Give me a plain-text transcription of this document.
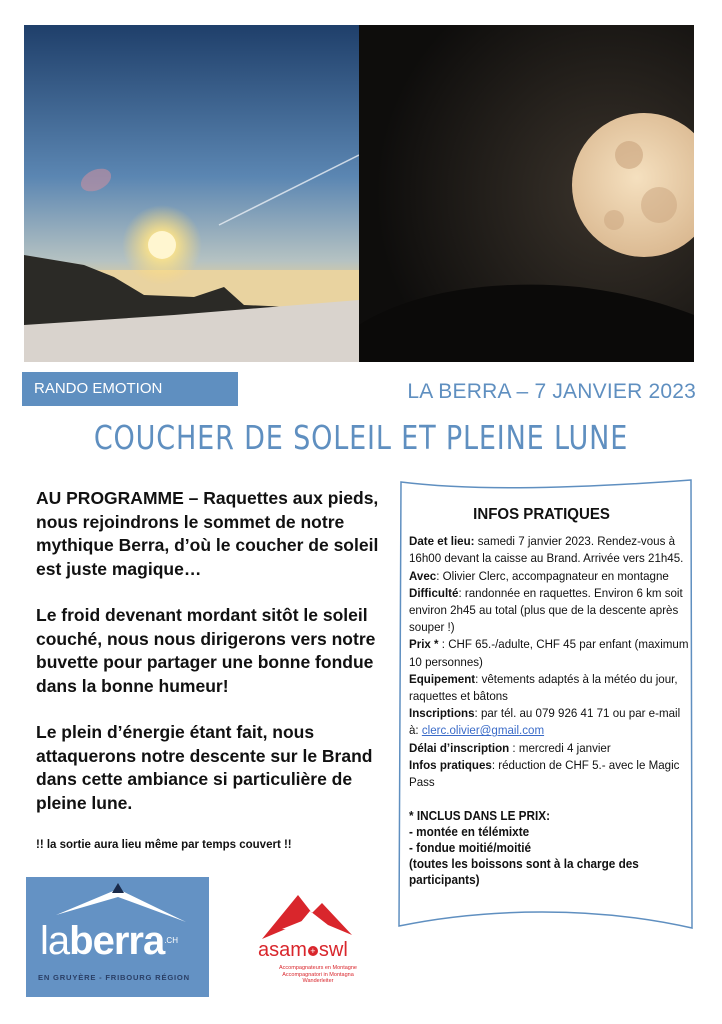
RANDO EMOTION	LA BERRA – 7 JANVIER 2023
COUCHER DE SOLEIL ET PLEINE LUNE

AU PROGRAMME – Raquettes aux pieds, nous rejoindrons le sommet de notre mythique Berra, d’où le coucher de soleil est juste magique…

Le froid devenant mordant sitôt le soleil couché, nous nous dirigerons vers notre buvette pour partager une bonne fondue dans la bonne humeur!

Le plein d’énergie étant fait, nous attaquerons notre descente sur le Brand dans cette ambiance si particulière de pleine lune.

!! la sortie aura lieu même par temps couvert !!
INFOS PRATIQUES
Date et lieu: samedi 7 janvier 2023. Rendez-vous à 16h00 devant la caisse au Brand. Arrivée vers 21h45.
Avec: Olivier Clerc, accompagnateur en montagne
Difficulté: randonnée en raquettes. Environ 6 km soit environ 2h45 au total (plus que de la descente après souper !)
Prix * : CHF 65.-/adulte, CHF 45 par enfant (maximum 10 personnes)
Equipement: vêtements adaptés à la météo du jour, raquettes et bâtons
Inscriptions: par tél. au 079 926 41 71 ou par e-mail à: clerc.olivier@gmail.com
Délai d’inscription : mercredi 4 janvier
Infos pratiques: réduction de CHF 5.- avec le Magic Pass
* INCLUS DANS LE PRIX:
- montée en télémixte
- fondue moitié/moitié
(toutes les boissons sont à la charge des participants)
laberra$^{.CH}$
EN GRUYÈRE - FRIBOURG RÉGION
asam + swl
Accompagnateurs en Montagne
Accompagnatori in Montagna
Wanderleiter
